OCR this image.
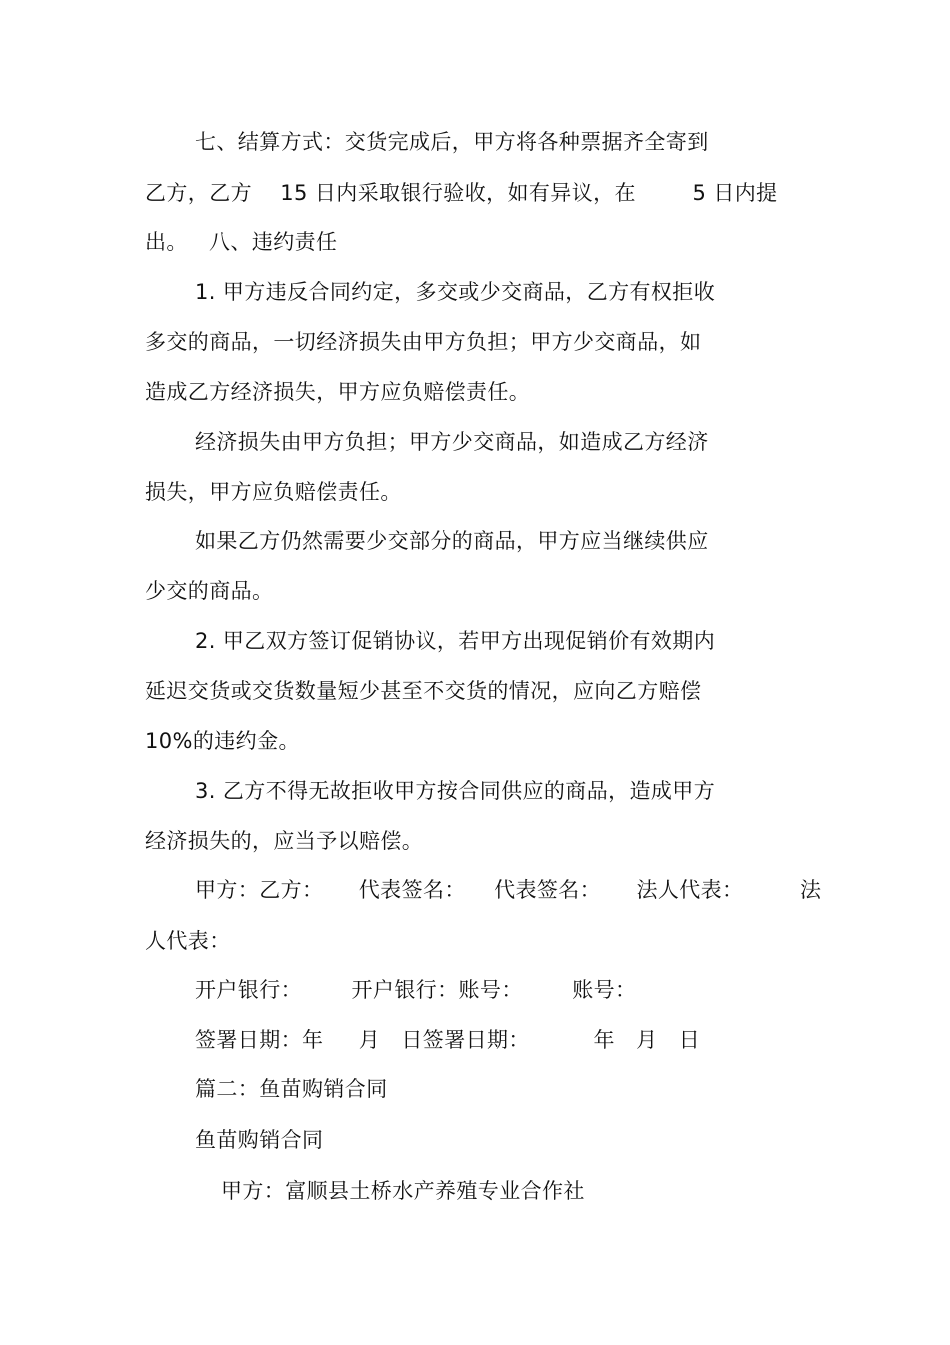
七、结算方式：交货完成后，甲方将各种票据齐全寄到
乙方，乙方    15 日内采取银行验收，如有异议，在        5 日内提
出。   八、违约责任
1. 甲方违反合同约定，多交或少交商品，乙方有权拒收
多交的商品，一切经济损失由甲方负担；甲方少交商品，如
造成乙方经济损失，甲方应负赔偿责任。
经济损失由甲方负担；甲方少交商品，如造成乙方经济
损失，甲方应负赔偿责任。
如果乙方仍然需要少交部分的商品，甲方应当继续供应
少交的商品。
2. 甲乙双方签订促销协议，若甲方出现促销价有效期内
延迟交货或交货数量短少甚至不交货的情况，应向乙方赔偿
10%的违约金。
3. 乙方不得无故拒收甲方按合同供应的商品，造成甲方
经济损失的，应当予以赔偿。
甲方：乙方：     代表签名：    代表签名：     法人代表：        法
人代表：
开户银行：       开户银行：账号：       账号：
签署日期：年     月   日签署日期：         年   月   日
篇二：鱼苗购销合同
鱼苗购销合同
甲方：富顺县土桥水产养殖专业合作社
